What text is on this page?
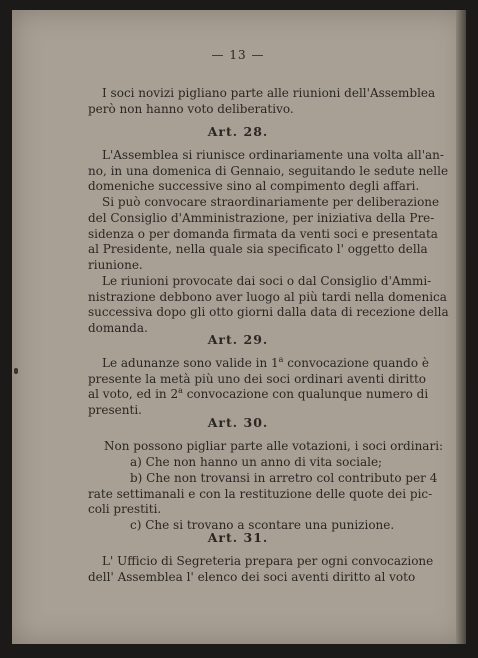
— 13 —
I soci novizi pigliano parte alle riunioni dell'Assemblea
però non hanno voto deliberativo.
Art. 28.
L'Assemblea si riunisce ordinariamente una volta all'an-
no, in una domenica di Gennaio, seguitando le sedute nelle
domeniche successive sino al compimento degli affari.
Si può convocare straordinariamente per deliberazione
del Consiglio d'Amministrazione, per iniziativa della Pre-
sidenza o per domanda firmata da venti soci e presentata
al Presidente, nella quale sia specificato l' oggetto della
riunione.
Le riunioni provocate dai soci o dal Consiglio d'Ammi-
nistrazione debbono aver luogo al più tardi nella domenica
successiva dopo gli otto giorni dalla data di recezione della
domanda.
Art. 29.
Le adunanze sono valide in 1$^a$ convocazione quando è
presente la metà più uno dei soci ordinari aventi diritto
al voto, ed in 2$^a$ convocazione con qualunque numero di
presenti.
Art. 30.
Non possono pigliar parte alle votazioni, i soci ordinari:
a) Che non hanno un anno di vita sociale;
b) Che non trovansi in arretro col contributo per 4
rate settimanali e con la restituzione delle quote dei pic-
coli prestiti.
c) Che si trovano a scontare una punizione.
Art. 31.
L' Ufficio di Segreteria prepara per ogni convocazione
dell' Assemblea l' elenco dei soci aventi diritto al voto
